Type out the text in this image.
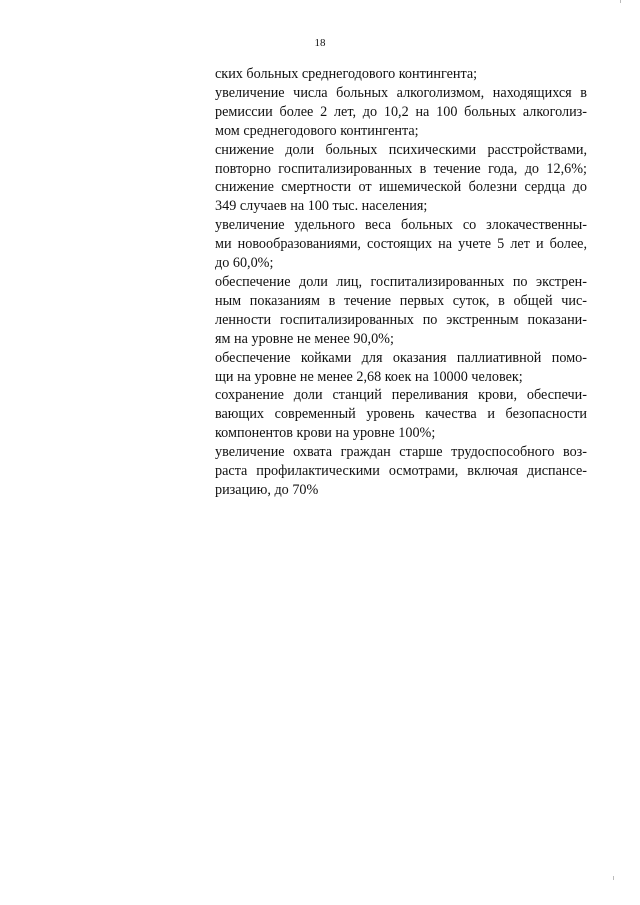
18
ских больных среднегодового контингента;
увеличение числа больных алкоголизмом, находящихся в
ремиссии более 2 лет, до 10,2 на 100 больных алкоголиз-
мом среднегодового контингента;
снижение доли больных психическими расстройствами,
повторно госпитализированных в течение года, до 12,6%;
снижение смертности от ишемической болезни сердца до
349 случаев на 100 тыс. населения;
увеличение удельного веса больных со злокачественны-
ми новообразованиями, состоящих на учете 5 лет и более,
до 60,0%;
обеспечение доли лиц, госпитализированных по экстрен-
ным показаниям в течение первых суток, в общей чис-
ленности госпитализированных по экстренным показани-
ям на уровне не менее 90,0%;
обеспечение койками для оказания паллиативной помо-
щи на уровне не менее 2,68 коек на 10000 человек;
сохранение доли станций переливания крови, обеспечи-
вающих современный уровень качества и безопасности
компонентов крови на уровне 100%;
увеличение охвата граждан старше трудоспособного воз-
раста профилактическими осмотрами, включая диспансе-
ризацию, до 70%
